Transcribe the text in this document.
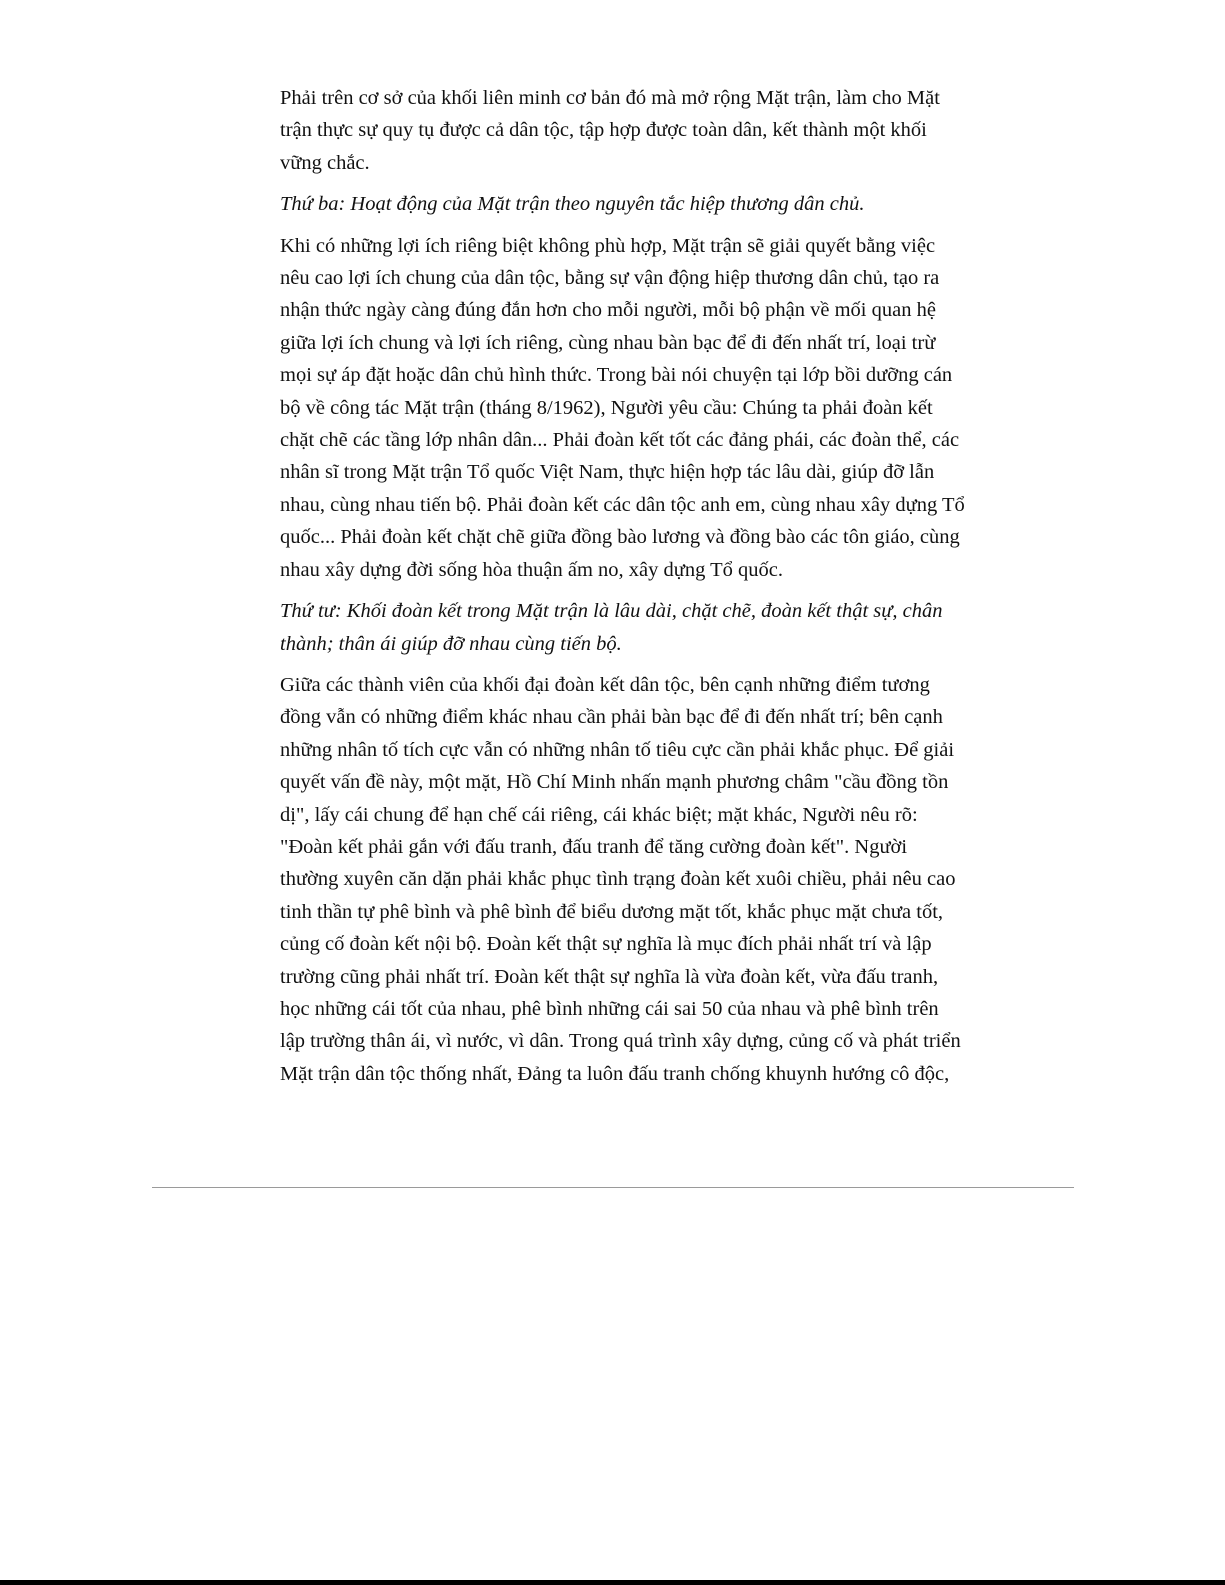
Phải trên cơ sở của khối liên minh cơ bản đó mà mở rộng Mặt trận, làm cho Mặt
trận thực sự quy tụ được cả dân tộc, tập hợp được toàn dân, kết thành một khối
vững chắc.

Thứ ba: Hoạt động của Mặt trận theo nguyên tắc hiệp thương dân chủ.

Khi có những lợi ích riêng biệt không phù hợp, Mặt trận sẽ giải quyết bằng việc
nêu cao lợi ích chung của dân tộc, bằng sự vận động hiệp thương dân chủ, tạo ra
nhận thức ngày càng đúng đắn hơn cho mỗi người, mỗi bộ phận về mối quan hệ
giữa lợi ích chung và lợi ích riêng, cùng nhau bàn bạc để đi đến nhất trí, loại trừ
mọi sự áp đặt hoặc dân chủ hình thức. Trong bài nói chuyện tại lớp bồi dưỡng cán
bộ về công tác Mặt trận (tháng 8/1962), Người yêu cầu: Chúng ta phải đoàn kết
chặt chẽ các tầng lớp nhân dân... Phải đoàn kết tốt các đảng phái, các đoàn thể, các
nhân sĩ trong Mặt trận Tổ quốc Việt Nam, thực hiện hợp tác lâu dài, giúp đỡ lẫn
nhau, cùng nhau tiến bộ. Phải đoàn kết các dân tộc anh em, cùng nhau xây dựng Tổ
quốc... Phải đoàn kết chặt chẽ giữa đồng bào lương và đồng bào các tôn giáo, cùng
nhau xây dựng đời sống hòa thuận ấm no, xây dựng Tổ quốc.

Thứ tư: Khối đoàn kết trong Mặt trận là lâu dài, chặt chẽ, đoàn kết thật sự, chân
thành; thân ái giúp đỡ nhau cùng tiến bộ.

Giữa các thành viên của khối đại đoàn kết dân tộc, bên cạnh những điểm tương
đồng vẫn có những điểm khác nhau cần phải bàn bạc để đi đến nhất trí; bên cạnh
những nhân tố tích cực vẫn có những nhân tố tiêu cực cần phải khắc phục. Để giải
quyết vấn đề này, một mặt, Hồ Chí Minh nhấn mạnh phương châm "cầu đồng tồn
dị", lấy cái chung để hạn chế cái riêng, cái khác biệt; mặt khác, Người nêu rõ:
"Đoàn kết phải gắn với đấu tranh, đấu tranh để tăng cường đoàn kết". Người
thường xuyên căn dặn phải khắc phục tình trạng đoàn kết xuôi chiều, phải nêu cao
tinh thần tự phê bình và phê bình để biểu dương mặt tốt, khắc phục mặt chưa tốt,
củng cố đoàn kết nội bộ. Đoàn kết thật sự nghĩa là mục đích phải nhất trí và lập
trường cũng phải nhất trí. Đoàn kết thật sự nghĩa là vừa đoàn kết, vừa đấu tranh,
học những cái tốt của nhau, phê bình những cái sai 50 của nhau và phê bình trên
lập trường thân ái, vì nước, vì dân. Trong quá trình xây dựng, củng cố và phát triển
Mặt trận dân tộc thống nhất, Đảng ta luôn đấu tranh chống khuynh hướng cô độc,
